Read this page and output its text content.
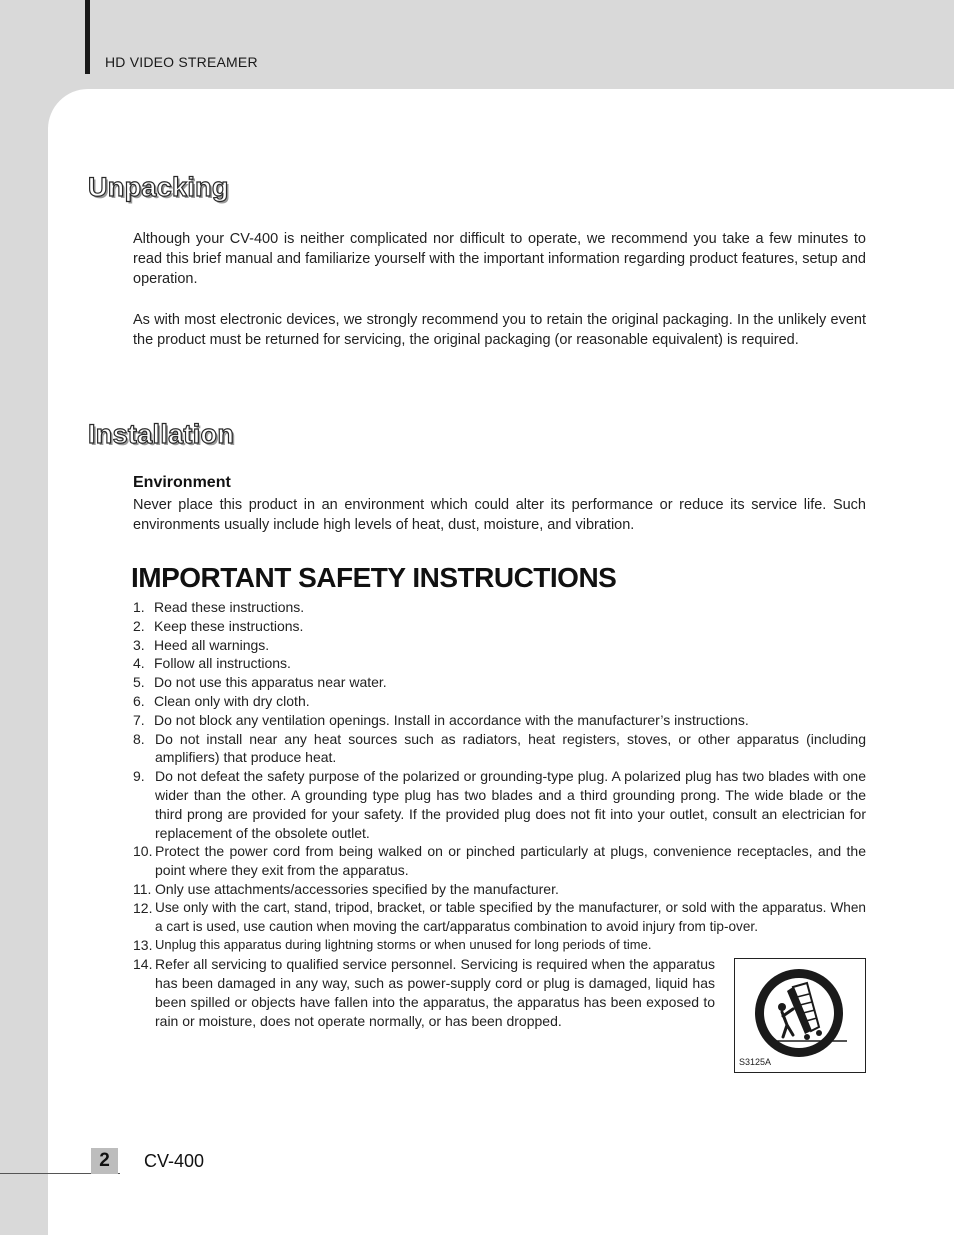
HD VIDEO STREAMER
Unpacking

Although your CV-400 is neither complicated nor difficult to operate, we recommend you take a few minutes to read this brief manual and familiarize yourself with the important information regarding product features, setup and operation.

As with most electronic devices, we strongly recommend you to retain the original packaging. In the unlikely event the product must be returned for servicing, the original packaging (or reasonable equivalent) is required.

Installation
Environment

Never place this product in an environment which could alter its performance or reduce its service life. Such environments usually include high levels of heat, dust, moisture, and vibration.

IMPORTANT SAFETY INSTRUCTIONS
1. Read these instructions.
2. Keep these instructions.
3. Heed all warnings.
4. Follow all instructions.
5. Do not use this apparatus near water.
6. Clean only with dry cloth.
7. Do not block any ventilation openings. Install in accordance with the manufacturer’s instructions.
8. Do not install near any heat sources such as radiators, heat registers, stoves, or other apparatus (including amplifiers) that produce heat.
9. Do not defeat the safety purpose of the polarized or grounding-type plug. A polarized plug has two blades with one wider than the other. A grounding type plug has two blades and a third grounding prong. The wide blade or the third prong are provided for your safety. If the provided plug does not fit into your outlet, consult an electrician for replacement of the obsolete outlet.
10. Protect the power cord from being walked on or pinched particularly at plugs, convenience receptacles, and the point where they exit from the apparatus.
11. Only use attachments/accessories specified by the manufacturer.
12. Use only with the cart, stand, tripod, bracket, or table specified by the manufacturer, or sold with the apparatus. When a cart is used, use caution when moving the cart/apparatus combination to avoid injury from tip-over.
13. Unplug this apparatus during lightning storms or when unused for long periods of time.
14. Refer all servicing to qualified service personnel. Servicing is required when the apparatus has been damaged in any way, such as power-supply cord or plug is damaged, liquid has been spilled or objects have fallen into the apparatus, the apparatus has been exposed to rain or moisture, does not operate normally, or has been dropped.
S3125A
2	CV-400
